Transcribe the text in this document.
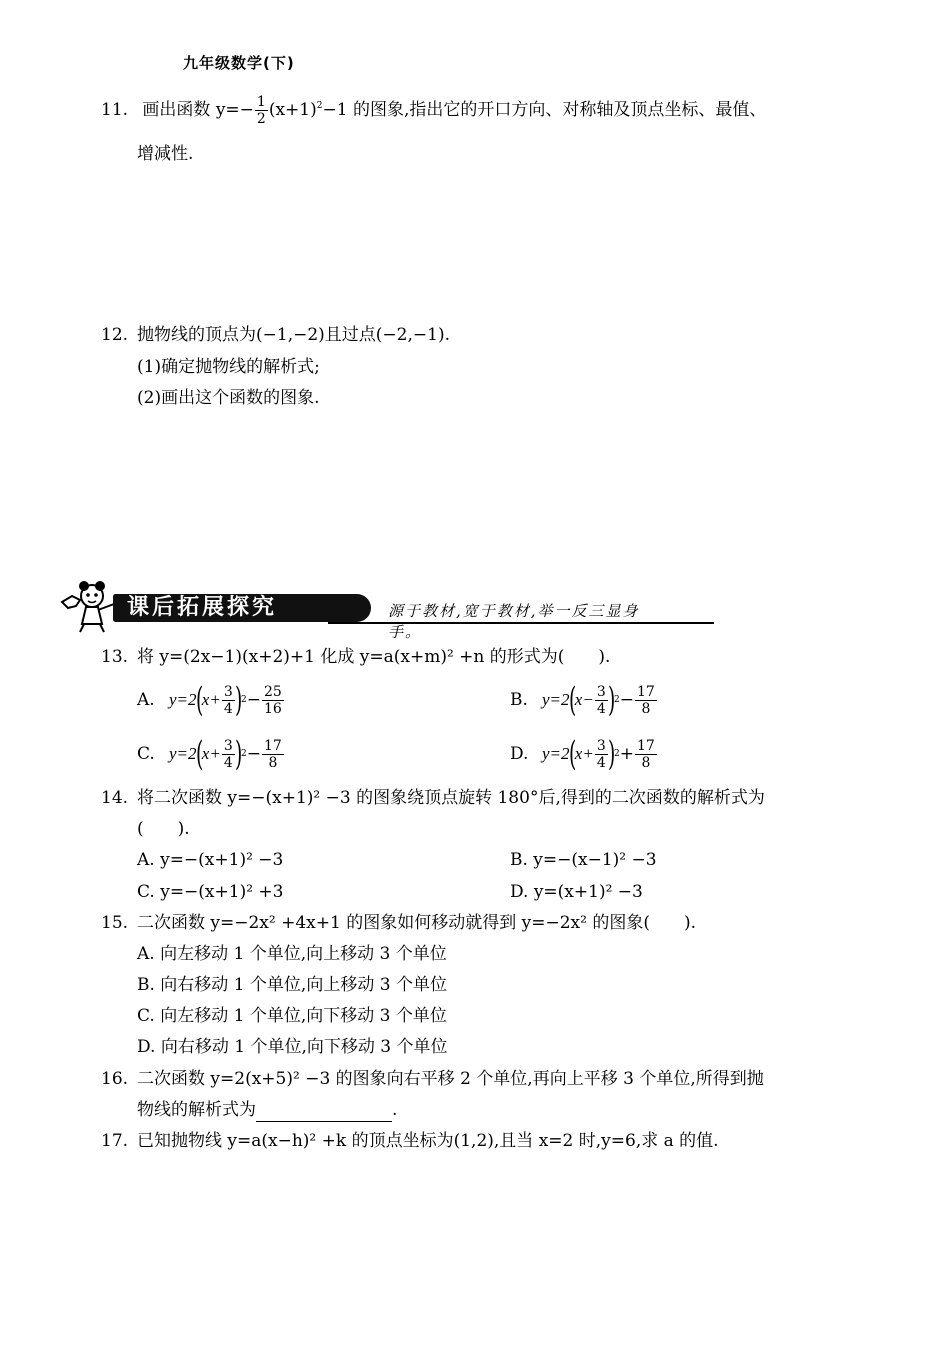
九年级数学(下)
11. 画出函数 $y=- \frac{1}{2} (x+1)^2-1$ 的图象,指出它的开口方向、对称轴及顶点坐标、最值、
增减性.
12. 抛物线的顶点为(−1,−2)且过点(−2,−1).
(1)确定抛物线的解析式;
(2)画出这个函数的图象.
课后拓展探究	源于教材,宽于教材,举一反三显身手。
13. 将 y=(2x−1)(x+2)+1 化成 y=a(x+m)² +n 的形式为(　　).
A. y=2
(
$x+ \frac{3}{4}$ )
$2 - \frac{25}{16}$	B. y=2
(
$x- \frac{3}{4}$ )
$2 - \frac{17}{8}$
C. y=2
(
$x+ \frac{3}{4}$ )
$2 - \frac{17}{8}$	D. y=2
(
$x+ \frac{3}{4}$ )
$2 + \frac{17}{8}$
14. 将二次函数 y=−(x+1)² −3 的图象绕顶点旋转 180°后,得到的二次函数的解析式为
(　　).
A. y=−(x+1)² −3	B. y=−(x−1)² −3
C. y=−(x+1)² +3	D. y=(x+1)² −3
15. 二次函数 y=−2x² +4x+1 的图象如何移动就得到 y=−2x² 的图象(　　).
A. 向左移动 1 个单位,向上移动 3 个单位
B. 向右移动 1 个单位,向上移动 3 个单位
C. 向左移动 1 个单位,向下移动 3 个单位
D. 向右移动 1 个单位,向下移动 3 个单位
16. 二次函数 y=2(x+5)² −3 的图象向右平移 2 个单位,再向上平移 3 个单位,所得到抛
物线的解析式为	.
17. 已知抛物线 y=a(x−h)² +k 的顶点坐标为(1,2),且当 x=2 时,y=6,求 a 的值.
